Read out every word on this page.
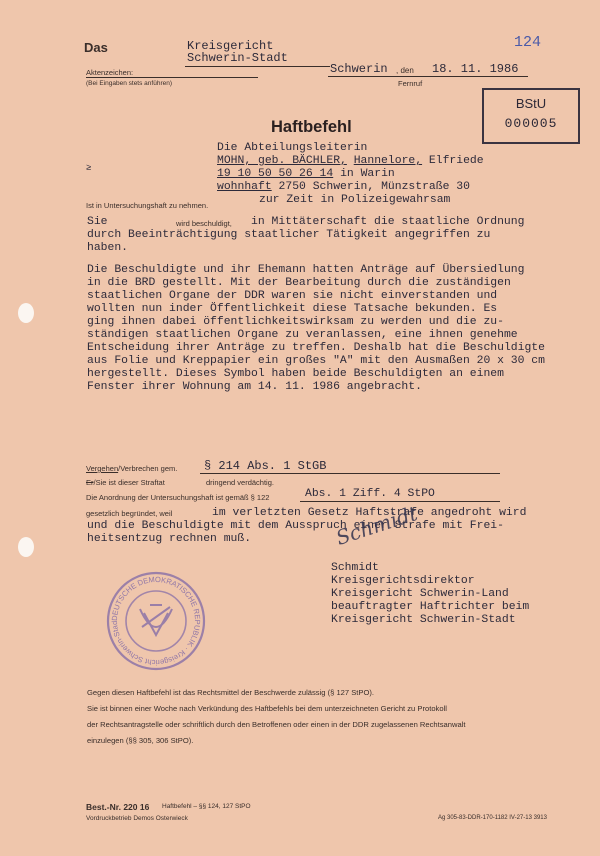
Das	Kreisgericht
Schwerin-Stadt
Aktenzeichen:
(Bei Eingaben stets anführen)
Schwerin , den 18. 11. 1986
Fernruf
124
BStU
000005
Haftbefehl
Die Abteilungsleiterin
MOHN, geb. BÄCHLER, Hannelore, Elfriede
19 10 50 50 26 14 in Warin
wohnhaft 2750 Schwerin, Münzstraße 30
zur Zeit in Polizeigewahrsam
≥
Ist in Untersuchungshaft zu nehmen.
Sie	wird beschuldigt, in Mittäterschaft die staatliche Ordnung
durch Beeinträchtigung staatlicher Tätigkeit angegriffen zu
haben.
Die Beschuldigte und ihr Ehemann hatten Anträge auf Übersiedlung
in die BRD gestellt. Mit der Bearbeitung durch die zuständigen
staatlichen Organe der DDR waren sie nicht einverstanden und
wollten nun inder Öffentlichkeit diese Tatsache bekunden. Es
ging ihnen dabei öffentlichkeitswirksam zu werden und die zu-
ständigen staatlichen Organe zu veranlassen, eine ihnen genehme
Entscheidung ihrer Anträge zu treffen. Deshalb hat die Beschuldigte
aus Folie und Kreppapier ein großes "A" mit den Ausmaßen 20 x 30 cm
hergestellt. Dieses Symbol haben beide Beschuldigten an einem
Fenster ihrer Wohnung am 14. 11. 1986 angebracht.
Vergehen/Verbrechen gem. § 214 Abs. 1 StGB
Er/Sie ist dieser Straftat	dringend verdächtig.
Die Anordnung der Untersuchungshaft ist gemäß § 122	Abs. 1 Ziff. 4 StPO
gesetzlich begründet, weil	im verletzten Gesetz Haftstrafe angedroht wird
und die Beschuldigte mit dem Ausspruch einer Strafe mit Frei-
heitsentzug rechnen muß.	Schmidt
Schmidt
Kreisgerichtsdirektor
Kreisgericht Schwerin-Land
beauftragter Haftrichter beim
Kreisgericht Schwerin-Stadt
DEUTSCHE DEMOKRATISCHE REPUBLIK · Kreisgericht Schwerin-Stad
Gegen diesen Haftbefehl ist das Rechtsmittel der Beschwerde zulässig (§ 127 StPO).
Sie ist binnen einer Woche nach Verkündung des Haftbefehls bei dem unterzeichneten Gericht zu Protokoll
der Rechtsantragstelle oder schriftlich durch den Betroffenen oder einen in der DDR zugelassenen Rechtsanwalt
einzulegen (§§ 305, 306 StPO).
Best.-Nr. 220 16 Haftbefehl – §§ 124, 127 StPO
Vordruckbetrieb Demos Osterwieck	Ag 305-83-DDR-170-1182 IV-27-13 3913
